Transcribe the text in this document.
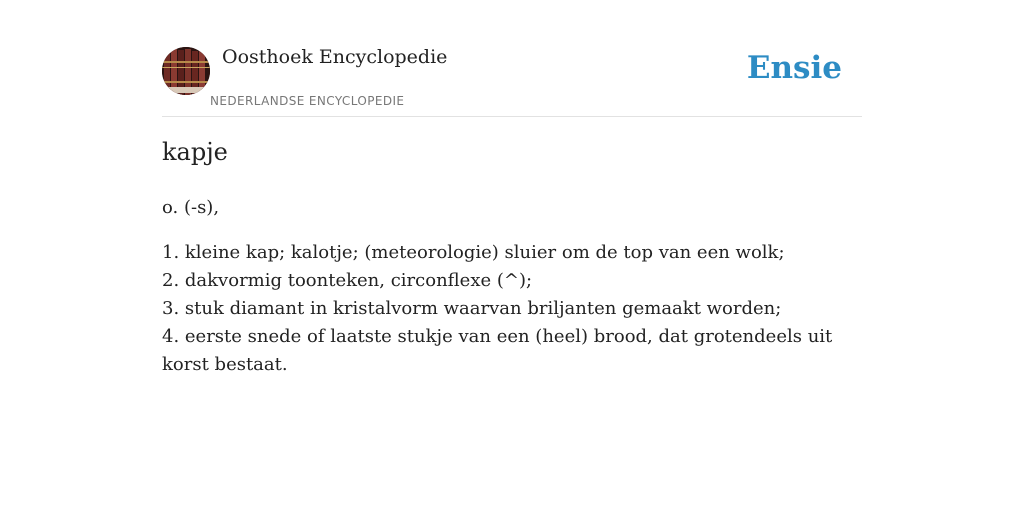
Oosthoek Encyclopedie
NEDERLANDSE ENCYCLOPEDIE
Ensie
kapje

o. (-s),

1. kleine kap; kalotje; (meteorologie) sluier om de top van een wolk;
2. dakvormig toonteken, circonflexe (^);
3. stuk diamant in kristalvorm waarvan briljanten gemaakt worden;
4. eerste snede of laatste stukje van een (heel) brood, dat grotendeels uit korst bestaat.
